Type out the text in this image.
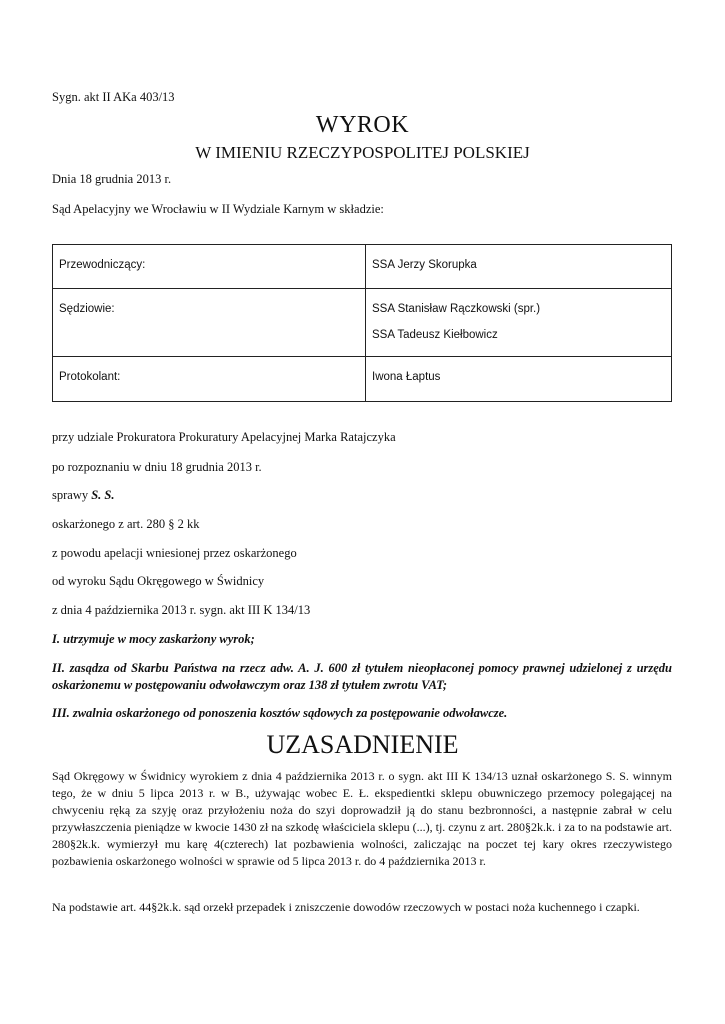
Sygn. akt II AKa 403/13
WYROK
W IMIENIU RZECZYPOSPOLITEJ POLSKIEJ
Dnia 18 grudnia 2013 r.
Sąd Apelacyjny we Wrocławiu w II Wydziale Karnym w składzie:
Przewodniczący:	SSA Jerzy Skorupka

Sędziowie:	SSA Stanisław Rączkowski (spr.)
SSA Tadeusz Kiełbowicz

Protokolant:	Iwona Łaptus
przy udziale Prokuratora Prokuratury Apelacyjnej Marka Ratajczyka
po rozpoznaniu w dniu 18 grudnia 2013 r.
sprawy S. S.
oskarżonego z art. 280 § 2 kk
z powodu apelacji wniesionej przez oskarżonego
od wyroku Sądu Okręgowego w Świdnicy
z dnia 4 października 2013 r. sygn. akt III K 134/13
I. utrzymuje w mocy zaskarżony wyrok;
II. zasądza od Skarbu Państwa na rzecz adw. A. J. 600 zł tytułem nieopłaconej pomocy prawnej udzielonej z urzędu oskarżonemu w postępowaniu odwoławczym oraz 138 zł tytułem zwrotu VAT;
III. zwalnia oskarżonego od ponoszenia kosztów sądowych za postępowanie odwoławcze.
UZASADNIENIE
Sąd Okręgowy w Świdnicy wyrokiem z dnia 4 października 2013 r. o sygn. akt III K 134/13 uznał oskarżonego S. S. winnym tego, że w dniu 5 lipca 2013 r. w B., używając wobec E. Ł. ekspedientki sklepu obuwniczego przemocy polegającej na chwyceniu ręką za szyję oraz przyłożeniu noża do szyi doprowadził ją do stanu bezbronności, a następnie zabrał w celu przywłaszczenia pieniądze w kwocie 1430 zł na szkodę właściciela sklepu (...), tj. czynu z art. 280§2k.k. i za to na podstawie art. 280§2k.k. wymierzył mu karę 4(czterech) lat pozbawienia wolności, zaliczając na poczet tej kary okres rzeczywistego pozbawienia oskarżonego wolności w sprawie od 5 lipca 2013 r. do 4 października 2013 r.
Na podstawie art. 44§2k.k. sąd orzekł przepadek i zniszczenie dowodów rzeczowych w postaci noża kuchennego i czapki.
